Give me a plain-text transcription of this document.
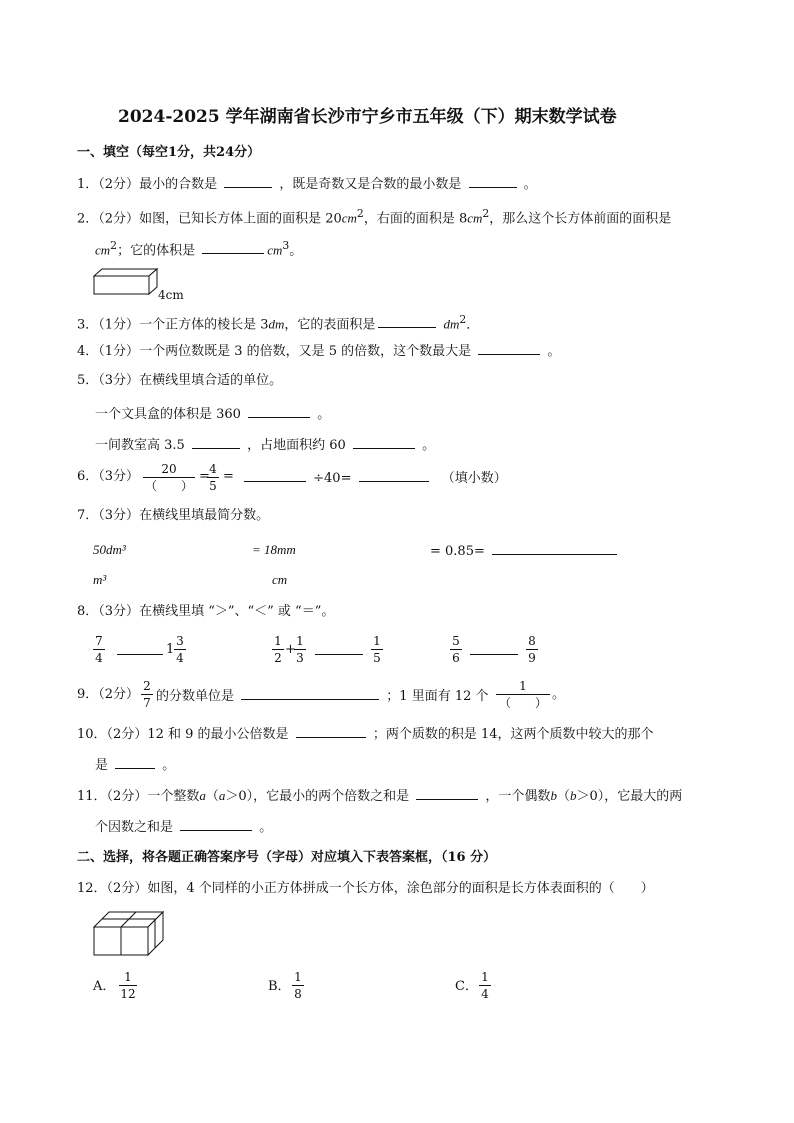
2024-2025 学年湖南省长沙市宁乡市五年级（下）期末数学试卷
一、填空（每空1分，共24分）
1．（2分）最小的合数是	，既是奇数又是合数的最小数是	。
2．（2分）如图，已知长方体上面的面积是 $20cm^2$，右面的面积是 $8cm^2$，那么这个长方体前面的面积是
$cm^2$；它的体积是	$cm^3$。
4cm
3．（1分）一个正方体的棱长是 3dm，它的表面积是	$dm^2$．
4．（1分）一个两位数既是 3 的倍数，又是 5 的倍数，这个数最大是	。
5．（3分）在横线里填合适的单位。
一个文具盒的体积是 360	。
一间教室高 3.5	，占地面积约 60	。
6．（3分）	20
（　　）
= 4
5
=	÷40=	（填小数）
7．（3分）在横线里填最简分数。
50dm³
m³
= 18mm
cm
= 0.85=
8．（3分）在横线里填 “＞”、“＜” 或 “＝”。
7
4
1
3
4
1
2
+
1
3
1
5
5
6
8
9
9．（2分）
2
7 的分数单位是	；1 里面有 12 个
1
（　　）
。
10．（2分）12 和 9 的最小公倍数是	；两个质数的积是 14，这两个质数中较大的那个
是	。
11．（2分）一个整数a（a＞0），它最小的两个倍数之和是	，一个偶数b（b＞0），它最大的两
个因数之和是	。
二、选择，将各题正确答案序号（字母）对应填入下表答案框，（16 分）
12．（2分）如图，4 个同样的小正方体拼成一个长方体，涂色部分的面积是长方体表面积的（　　）
A．
1
12	B．
1
8	C．
1
4
